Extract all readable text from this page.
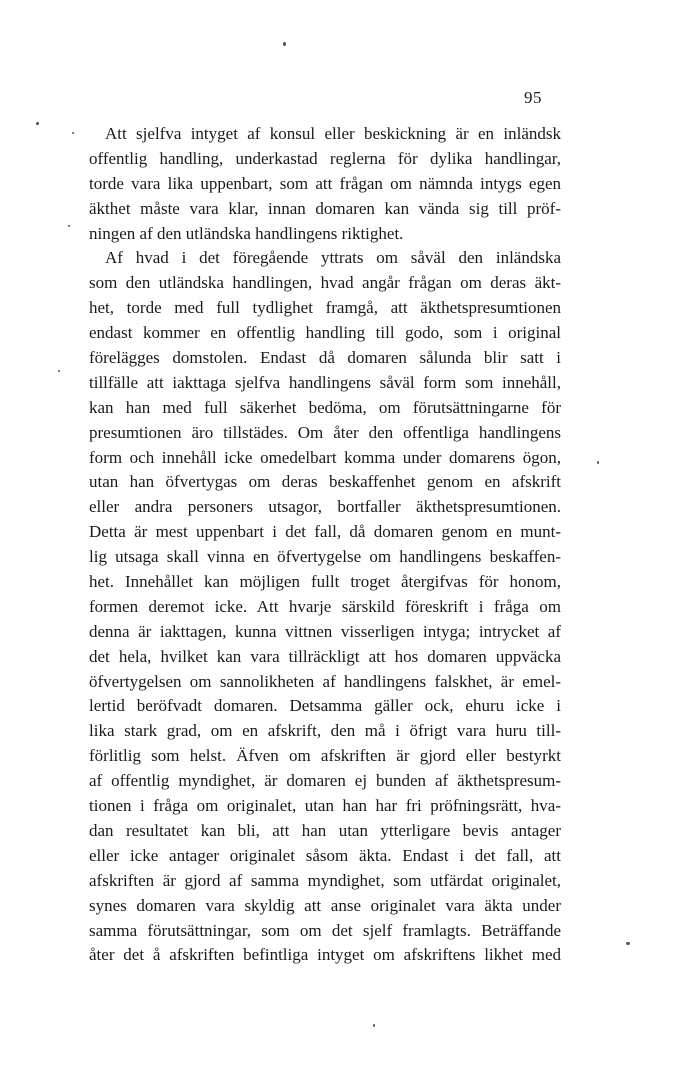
95
Att sjelfva intyget af konsul eller beskickning är en inländsk
offentlig handling, underkastad reglerna för dylika handlingar,
torde vara lika uppenbart, som att frågan om nämnda intygs egen
äkthet måste vara klar, innan domaren kan vända sig till pröf-
ningen af den utländska handlingens riktighet.
Af hvad i det föregående yttrats om såväl den inländska
som den utländska handlingen, hvad angår frågan om deras äkt-
het, torde med full tydlighet framgå, att äkthetspresumtionen
endast kommer en offentlig handling till godo, som i original
föreläggеs domstolen. Endast då domaren sålunda blir satt i
tillfälle att iakttaga sjelfva handlingens såväl form som innehåll,
kan han med full säkerhet bedöma, om förutsättningarne för
presumtionen äro tillstädes. Om åter den offentliga handlingens
form och innehåll icke omedelbart komma under domarens ögon,
utan han öfvertygas om deras beskaffenhet genom en afskrift
eller andra personers utsagor, bortfaller äkthetspresumtionen.
Detta är mest uppenbart i det fall, då domaren genom en munt-
lig utsaga skall vinna en öfvertygelse om handlingens beskaffen-
het. Innehållet kan möjligen fullt troget återgifvas för honom,
formen deremot icke. Att hvarje särskild föreskrift i fråga om
denna är iakttagen, kunna vittnen visserligen intyga; intrycket af
det hela, hvilket kan vara tillräckligt att hos domaren uppväcka
öfvertygelsen om sannolikheten af handlingens falskhet, är emel-
lertid beröfvadt domaren. Detsamma gäller ock, ehuru icke i
lika stark grad, om en afskrift, den må i öfrigt vara huru till-
förlitlig som helst. Äfven om afskriften är gjord eller bestyrkt
af offentlig myndighet, är domaren ej bunden af äkthetspresum-
tionen i fråga om originalet, utan han har fri pröfningsrätt, hva-
dan resultatet kan bli, att han utan ytterligare bevis antager
eller icke antager originalet såsom äkta. Endast i det fall, att
afskriften är gjord af samma myndighet, som utfärdat originalet,
synes domaren vara skyldig att anse originalet vara äkta under
samma förutsättningar, som om det sjelf framlagts. Beträffande
åter det å afskriften befintliga intyget om afskriftens likhet med
